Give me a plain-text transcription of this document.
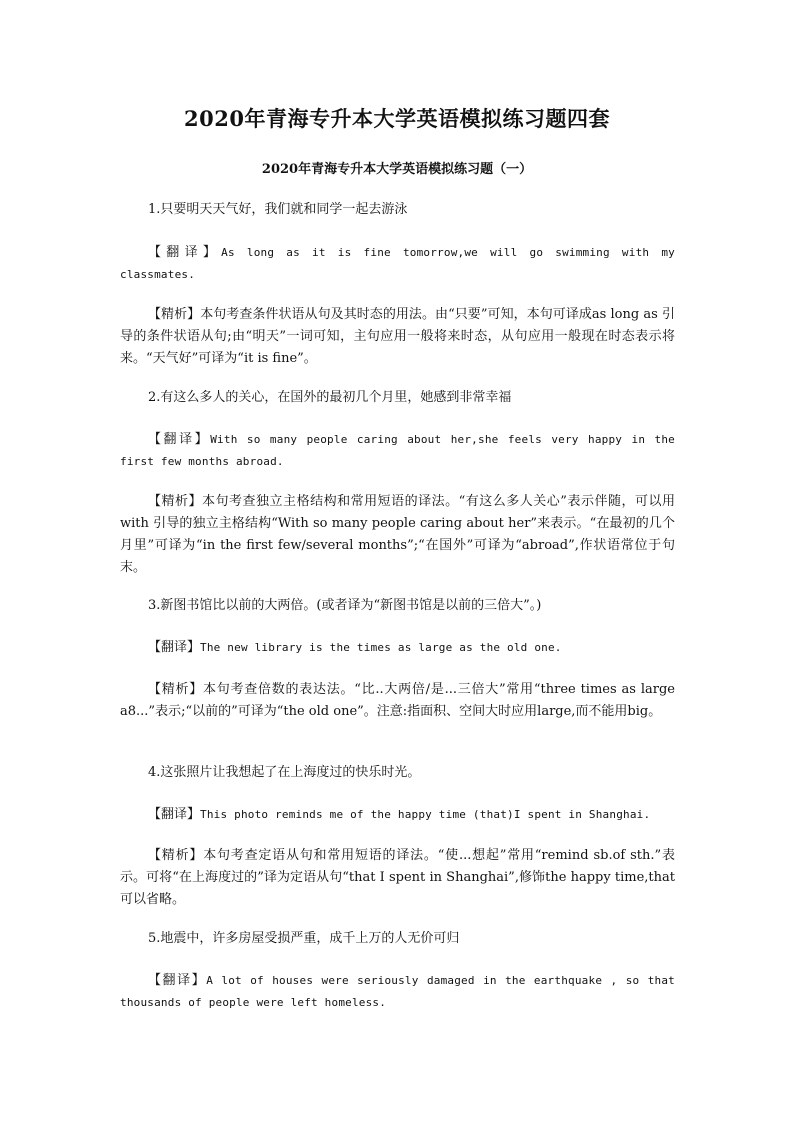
2020年青海专升本大学英语模拟练习题四套
2020年青海专升本大学英语模拟练习题（一）
1.只要明天天气好，我们就和同学一起去游泳
【翻译】As long as it is fine tomorrow,we will go swimming with my classmates.
【精析】本句考查条件状语从句及其时态的用法。由“只要”可知，本句可译成as long as 引导的条件状语从句;由“明天”一词可知，主句应用一般将来时态，从句应用一般现在时态表示将来。“天气好”可译为“it is fine”。
2.有这么多人的关心，在国外的最初几个月里，她感到非常幸福
【翻译】With so many people caring about her,she feels very happy in the first few months abroad.
【精析】本句考查独立主格结构和常用短语的译法。“有这么多人关心”表示伴随，可以用with 引导的独立主格结构“With so many people caring about her”来表示。“在最初的几个月里”可译为“in the first few/several months”;“在国外”可译为“abroad”,作状语常位于句末。
3.新图书馆比以前的大两倍。(或者译为“新图书馆是以前的三倍大”。)
【翻译】The new library is the times as large as the old one.
【精析】本句考查倍数的表达法。“比..大两倍/是...三倍大”常用“three times as large a8...”表示;“以前的”可译为“the old one”。注意:指面积、空间大时应用large,而不能用big。
4.这张照片让我想起了在上海度过的快乐时光。
【翻译】This photo reminds me of the happy time (that)I spent in Shanghai.
【精析】本句考查定语从句和常用短语的译法。“使...想起”常用“remind sb.of sth.”表示。可将“在上海度过的”译为定语从句“that I spent in Shanghai”,修饰the happy time,that 可以省略。
5.地震中，许多房屋受损严重，成千上万的人无价可归
【翻译】A lot of houses were seriously damaged in the earthquake , so that thousands of people were left homeless.
